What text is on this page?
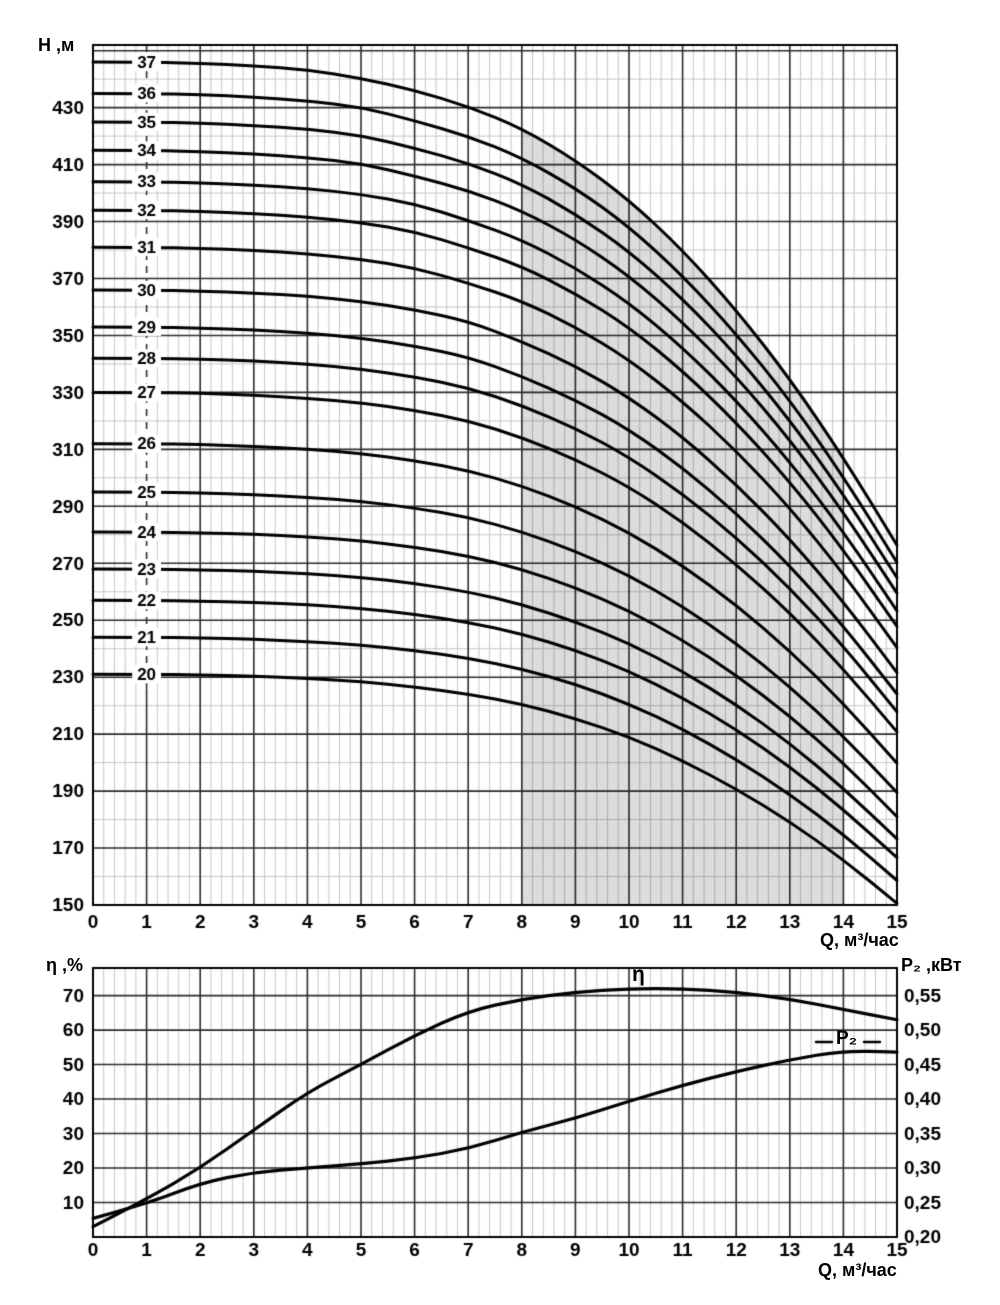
H ,м
Q, м³/час
η ,%	P₂ ,кВт
η
P₂
Q, м³/час
